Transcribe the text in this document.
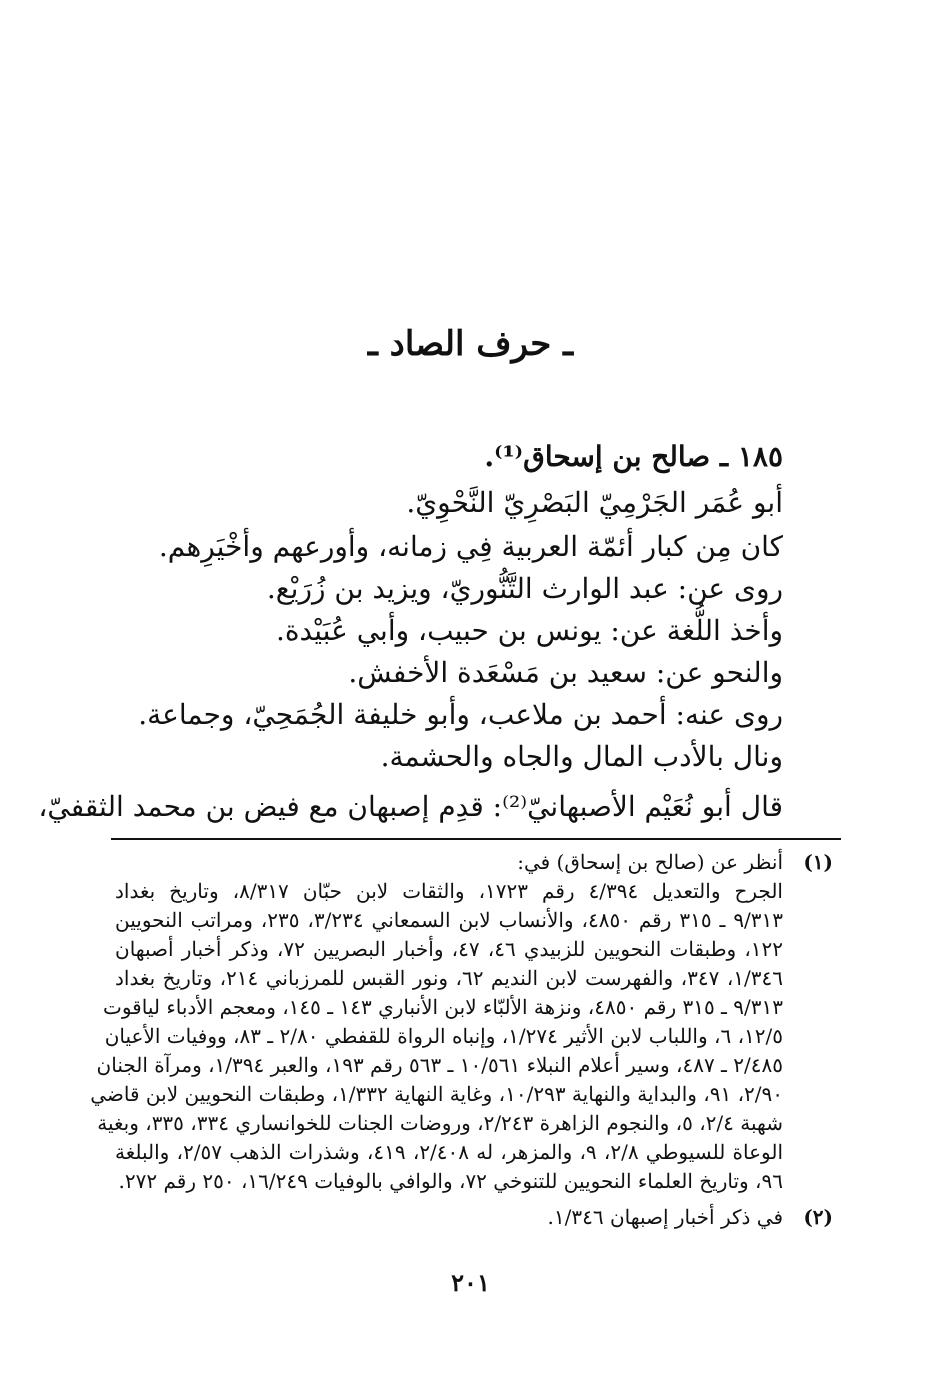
ـ حرف الصاد ـ
١٨٥ ـ صالح بن إسحاق⁽¹⁾.
أبو عُمَر الجَرْمِيّ البَصْرِيّ النَّحْوِيّ.
كان مِن كبار أئمّة العربية فِي زمانه، وأورعهم وأخْيَرِهم.
روى عن: عبد الوارث التَّنُّوريّ، ويزيد بن زُرَيْع.
وأخذ اللُّغة عن: يونس بن حبيب، وأبي عُبَيْدة.
والنحو عن: سعيد بن مَسْعَدة الأخفش.
روى عنه: أحمد بن ملاعب، وأبو خليفة الجُمَحِيّ، وجماعة.
ونال بالأدب المال والجاه والحشمة.
قال أبو نُعَيْم الأصبهانيّ⁽²⁾: قدِم إصبهان مع فيض بن محمد الثقفيّ،
(١)
أنظر عن (صالح بن إسحاق) في:
الجرح والتعديل ٤/٣٩٤ رقم ١٧٢٣، والثقات لابن حبّان ٨/٣١٧، وتاريخ بغداد
٩/٣١٣ ـ ٣١٥ رقم ٤٨٥٠، والأنساب لابن السمعاني ٣/٢٣٤، ٢٣٥، ومراتب النحويين
١٢٢، وطبقات النحويين للزبيدي ٤٦، ٤٧، وأخبار البصريين ٧٢، وذكر أخبار أصبهان
١/٣٤٦، ٣٤٧، والفهرست لابن النديم ٦٢، ونور القبس للمرزباني ٢١٤، وتاريخ بغداد
٩/٣١٣ ـ ٣١٥ رقم ٤٨٥٠، ونزهة الألبّاء لابن الأنباري ١٤٣ ـ ١٤٥، ومعجم الأدباء لياقوت
١٢/٥، ٦، واللباب لابن الأثير ١/٢٧٤، وإنباه الرواة للقفطي ٢/٨٠ ـ ٨٣، ووفيات الأعيان
٢/٤٨٥ ـ ٤٨٧، وسير أعلام النبلاء ١٠/٥٦١ ـ ٥٦٣ رقم ١٩٣، والعبر ١/٣٩٤، ومرآة الجنان
٢/٩٠، ٩١، والبداية والنهاية ١٠/٢٩٣، وغاية النهاية ١/٣٣٢، وطبقات النحويين لابن قاضي
شهبة ٢/٤، ٥، والنجوم الزاهرة ٢/٢٤٣، وروضات الجنات للخوانساري ٣٣٤، ٣٣٥، وبغية
الوعاة للسيوطي ٢/٨، ٩، والمزهر، له ٢/٤٠٨، ٤١٩، وشذرات الذهب ٢/٥٧، والبلغة
٩٦، وتاريخ العلماء النحويين للتنوخي ٧٢، والوافي بالوفيات ١٦/٢٤٩، ٢٥٠ رقم ٢٧٢.
(٢)
في ذكر أخبار إصبهان ١/٣٤٦.
٢٠١
